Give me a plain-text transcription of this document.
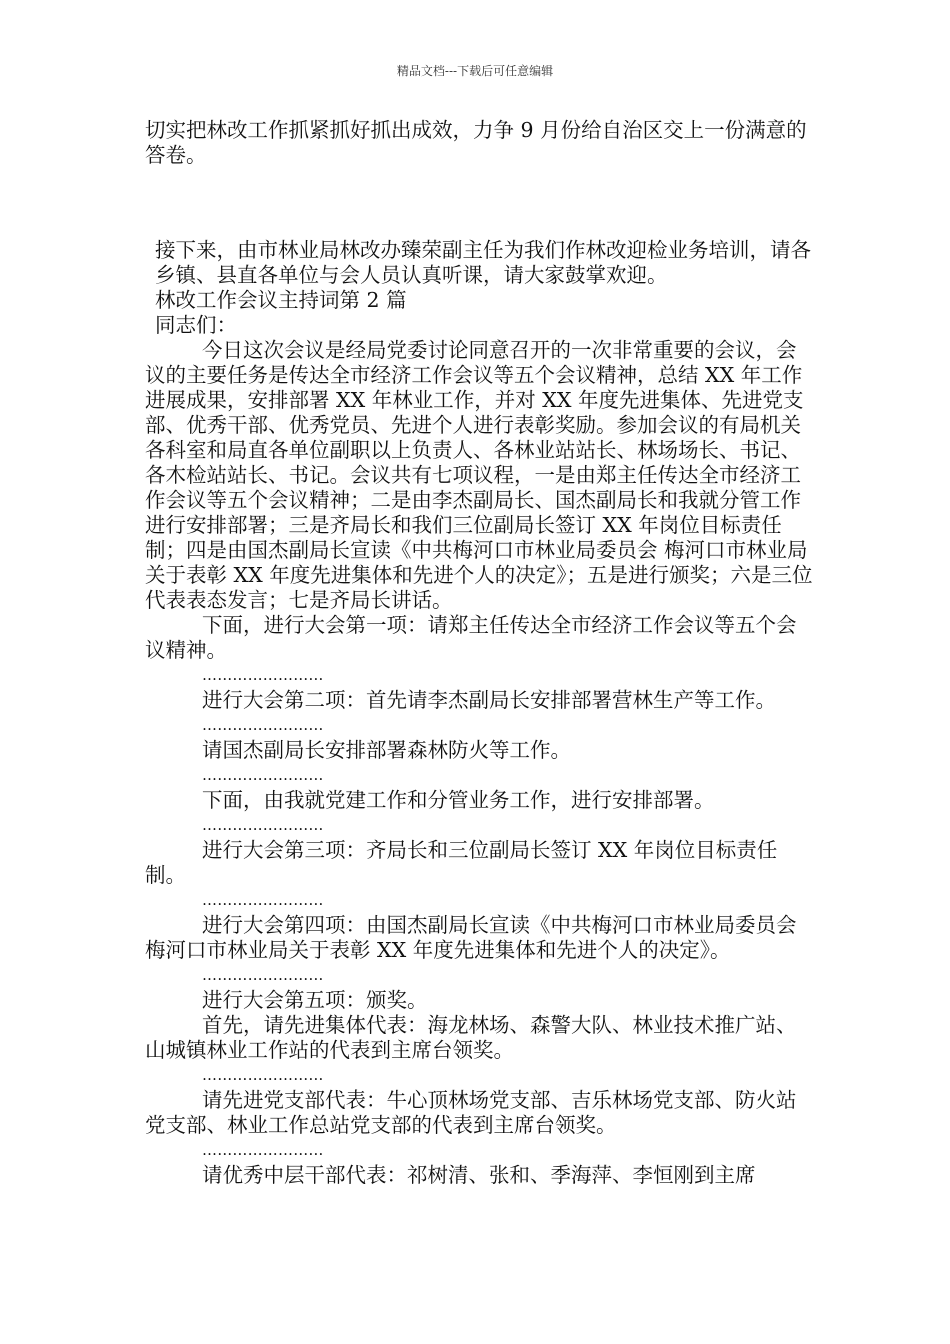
精品文档---下载后可任意编辑

切实把林改工作抓紧抓好抓出成效，力争 9 月份给自治区交上一份满意的答卷。

接下来，由市林业局林改办臻荣副主任为我们作林改迎检业务培训，请各乡镇、县直各单位与会人员认真听课，请大家鼓掌欢迎。

林改工作会议主持词第 2 篇

同志们：

今日这次会议是经局党委讨论同意召开的一次非常重要的会议，会议的主要任务是传达全市经济工作会议等五个会议精神，总结 XX 年工作进展成果，安排部署 XX 年林业工作，并对 XX 年度先进集体、先进党支部、优秀干部、优秀党员、先进个人进行表彰奖励。参加会议的有局机关各科室和局直各单位副职以上负责人、各林业站站长、林场场长、书记、各木检站站长、书记。会议共有七项议程，一是由郑主任传达全市经济工作会议等五个会议精神；二是由李杰副局长、国杰副局长和我就分管工作进行安排部署；三是齐局长和我们三位副局长签订 XX 年岗位目标责任制；四是由国杰副局长宣读《中共梅河口市林业局委员会 梅河口市林业局关于表彰 XX 年度先进集体和先进个人的决定》；五是进行颁奖；六是三位代表表态发言；七是齐局长讲话。

下面，进行大会第一项：请郑主任传达全市经济工作会议等五个会议精神。

……………………

进行大会第二项：首先请李杰副局长安排部署营林生产等工作。

……………………

请国杰副局长安排部署森林防火等工作。

……………………

下面，由我就党建工作和分管业务工作，进行安排部署。

……………………

进行大会第三项：齐局长和三位副局长签订 XX 年岗位目标责任制。

……………………

进行大会第四项：由国杰副局长宣读《中共梅河口市林业局委员会 梅河口市林业局关于表彰 XX 年度先进集体和先进个人的决定》。

……………………

进行大会第五项：颁奖。

首先，请先进集体代表：海龙林场、森警大队、林业技术推广站、山城镇林业工作站的代表到主席台领奖。

……………………

请先进党支部代表：牛心顶林场党支部、吉乐林场党支部、防火站党支部、林业工作总站党支部的代表到主席台领奖。

……………………

请优秀中层干部代表：祁树清、张和、季海萍、李恒刚到主席
